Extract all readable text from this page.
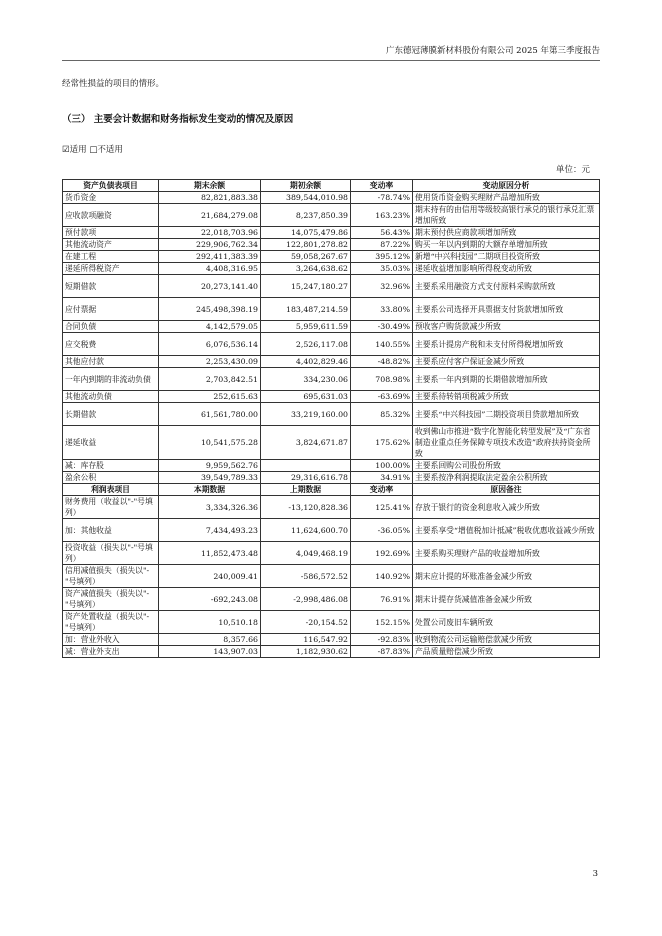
广东德冠薄膜新材料股份有限公司 2025 年第三季度报告
经常性损益的项目的情形。
（三） 主要会计数据和财务指标发生变动的情况及原因
☑适用 □不适用
单位：元
资产负债表项目	期末余额	期初余额	变动率	变动原因分析
货币资金	82,821,883.38	389,544,010.98	-78.74%	使用货币资金购买理财产品增加所致
应收款项融资	21,684,279.08	8,237,850.39	163.23%	期末持有的由信用等级较高银行承兑的银行承兑汇票增加所致
预付款项	22,018,703.96	14,075,479.86	56.43%	期末预付供应商款项增加所致
其他流动资产	229,906,762.34	122,801,278.82	87.22%	购买一年以内到期的大额存单增加所致
在建工程	292,411,383.39	59,058,267.67	395.12%	新增“中兴科技园”二期项目投资所致
递延所得税资产	4,408,316.95	3,264,638.62	35.03%	递延收益增加影响所得税变动所致
短期借款	20,273,141.40	15,247,180.27	32.96%	主要系采用融资方式支付原料采购款所致
应付票据	245,498,398.19	183,487,214.59	33.80%	主要系公司选择开具票据支付货款增加所致
合同负债	4,142,579.05	5,959,611.59	-30.49%	预收客户购货款减少所致
应交税费	6,076,536.14	2,526,117.08	140.55%	主要系计提房产税和未支付所得税增加所致
其他应付款	2,253,430.09	4,402,829.46	-48.82%	主要系应付客户保证金减少所致
一年内到期的非流动负债	2,703,842.51	334,230.06	708.98%	主要系一年内到期的长期借款增加所致
其他流动负债	252,615.63	695,631.03	-63.69%	主要系待转销项税减少所致
长期借款	61,561,780.00	33,219,160.00	85.32%	主要系“中兴科技园”二期投资项目贷款增加所致
递延收益	10,541,575.28	3,824,671.87	175.62%	收到佛山市推进“数字化智能化转型发展”及“广东省制造业重点任务保障专项技术改造”政府扶持资金所致
减：库存股	9,959,562.76		100.00%	主要系回购公司股份所致
盈余公积	39,549,789.33	29,316,616.78	34.91%	主要系按净利润提取法定盈余公积所致
利润表项目	本期数据	上期数据	变动率	原因备注
财务费用（收益以"-"号填列）	3,334,326.36	-13,120,828.36	125.41%	存放于银行的资金利息收入减少所致
加：其他收益	7,434,493.23	11,624,600.70	-36.05%	主要系享受“增值税加计抵减”税收优惠收益减少所致
投资收益（损失以"-"号填列）	11,852,473.48	4,049,468.19	192.69%	主要系购买理财产品的收益增加所致
信用减值损失（损失以"-"号填列）	240,009.41	-586,572.52	140.92%	期末应计提的坏账准备金减少所致
资产减值损失（损失以"-"号填列）	-692,243.08	-2,998,486.08	76.91%	期末计提存货减值准备金减少所致
资产处置收益（损失以"-"号填列）	10,510.18	-20,154.52	152.15%	处置公司废旧车辆所致
加：营业外收入	8,357.66	116,547.92	-92.83%	收到物流公司运输赔偿款减少所致
减：营业外支出	143,907.03	1,182,930.62	-87.83%	产品质量赔偿减少所致
3
